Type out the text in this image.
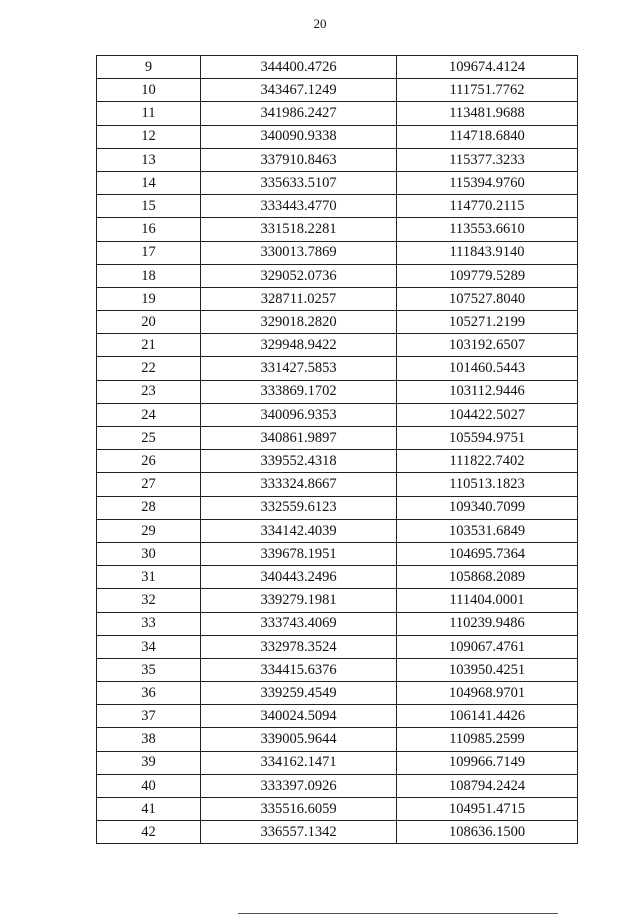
20
9	344400.4726	109674.4124
10	343467.1249	111751.7762
11	341986.2427	113481.9688
12	340090.9338	114718.6840
13	337910.8463	115377.3233
14	335633.5107	115394.9760
15	333443.4770	114770.2115
16	331518.2281	113553.6610
17	330013.7869	111843.9140
18	329052.0736	109779.5289
19	328711.0257	107527.8040
20	329018.2820	105271.2199
21	329948.9422	103192.6507
22	331427.5853	101460.5443
23	333869.1702	103112.9446
24	340096.9353	104422.5027
25	340861.9897	105594.9751
26	339552.4318	111822.7402
27	333324.8667	110513.1823
28	332559.6123	109340.7099
29	334142.4039	103531.6849
30	339678.1951	104695.7364
31	340443.2496	105868.2089
32	339279.1981	111404.0001
33	333743.4069	110239.9486
34	332978.3524	109067.4761
35	334415.6376	103950.4251
36	339259.4549	104968.9701
37	340024.5094	106141.4426
38	339005.9644	110985.2599
39	334162.1471	109966.7149
40	333397.0926	108794.2424
41	335516.6059	104951.4715
42	336557.1342	108636.1500
